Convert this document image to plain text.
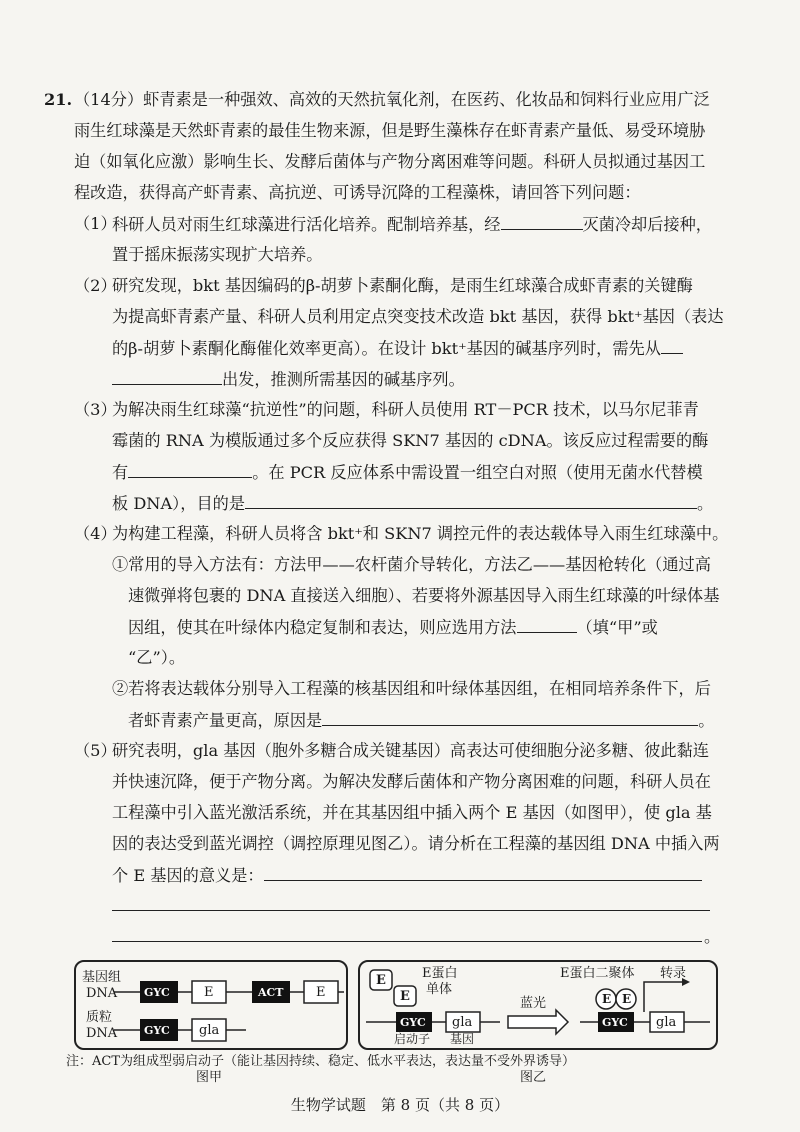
21. （14分）虾青素是一种强效、高效的天然抗氧化剂，在医药、化妆品和饲料行业应用广泛
雨生红球藻是天然虾青素的最佳生物来源，但是野生藻株存在虾青素产量低、易受环境胁
迫（如氧化应激）影响生长、发酵后菌体与产物分离困难等问题。科研人员拟通过基因工
程改造，获得高产虾青素、高抗逆、可诱导沉降的工程藻株，请回答下列问题：
（1）
科研人员对雨生红球藻进行活化培养。配制培养基，经	灭菌冷却后接种，
置于摇床振荡实现扩大培养。
（2）
研究发现，bkt 基因编码的β-胡萝卜素酮化酶，是雨生红球藻合成虾青素的关键酶
为提高虾青素产量、科研人员利用定点突变技术改造 bkt 基因，获得 bkt⁺基因（表达
的β-胡萝卜素酮化酶催化效率更高）。在设计 bkt⁺基因的碱基序列时，需先从
出发，推测所需基因的碱基序列。
（3）
为解决雨生红球藻“抗逆性”的问题，科研人员使用 RT－PCR 技术，以马尔尼菲青
霉菌的 RNA 为模版通过多个反应获得 SKN7 基因的 cDNA。该反应过程需要的酶
有	。在 PCR 反应体系中需设置一组空白对照（使用无菌水代替模
板 DNA），目的是	。
（4）
为构建工程藻，科研人员将含 bkt⁺和 SKN7 调控元件的表达载体导入雨生红球藻中。
①常用的导入方法有：方法甲——农杆菌介导转化，方法乙——基因枪转化（通过高
速微弹将包裹的 DNA 直接送入细胞）、若要将外源基因导入雨生红球藻的叶绿体基
因组，使其在叶绿体内稳定复制和表达，则应选用方法	（填“甲”或
“乙”）。
②若将表达载体分别导入工程藻的核基因组和叶绿体基因组，在相同培养条件下，后
者虾青素产量更高，原因是	。
（5）
研究表明，gla 基因（胞外多糖合成关键基因）高表达可使细胞分泌多糖、彼此黏连
并快速沉降，便于产物分离。为解决发酵后菌体和产物分离困难的问题，科研人员在
工程藻中引入蓝光激活系统，并在其基因组中插入两个 E 基因（如图甲），使 gla 基
因的表达受到蓝光调控（调控原理见图乙）。请分析在工程藻的基因组 DNA 中插入两
个 E 基因的意义是：
。
基因组
DNA
质粒
DNA
GYC	E	ACT	E
GYC gla
E
E
E蛋白
单体
GYC gla
蓝光
E蛋白二聚体 转录
E E
GYC gla
启动子 基因
注：ACT为组成型弱启动子（能让基因持续、稳定、低水平表达，表达量不受外界诱导）
图甲	图乙
生物学试题　第 8 页（共 8 页）
